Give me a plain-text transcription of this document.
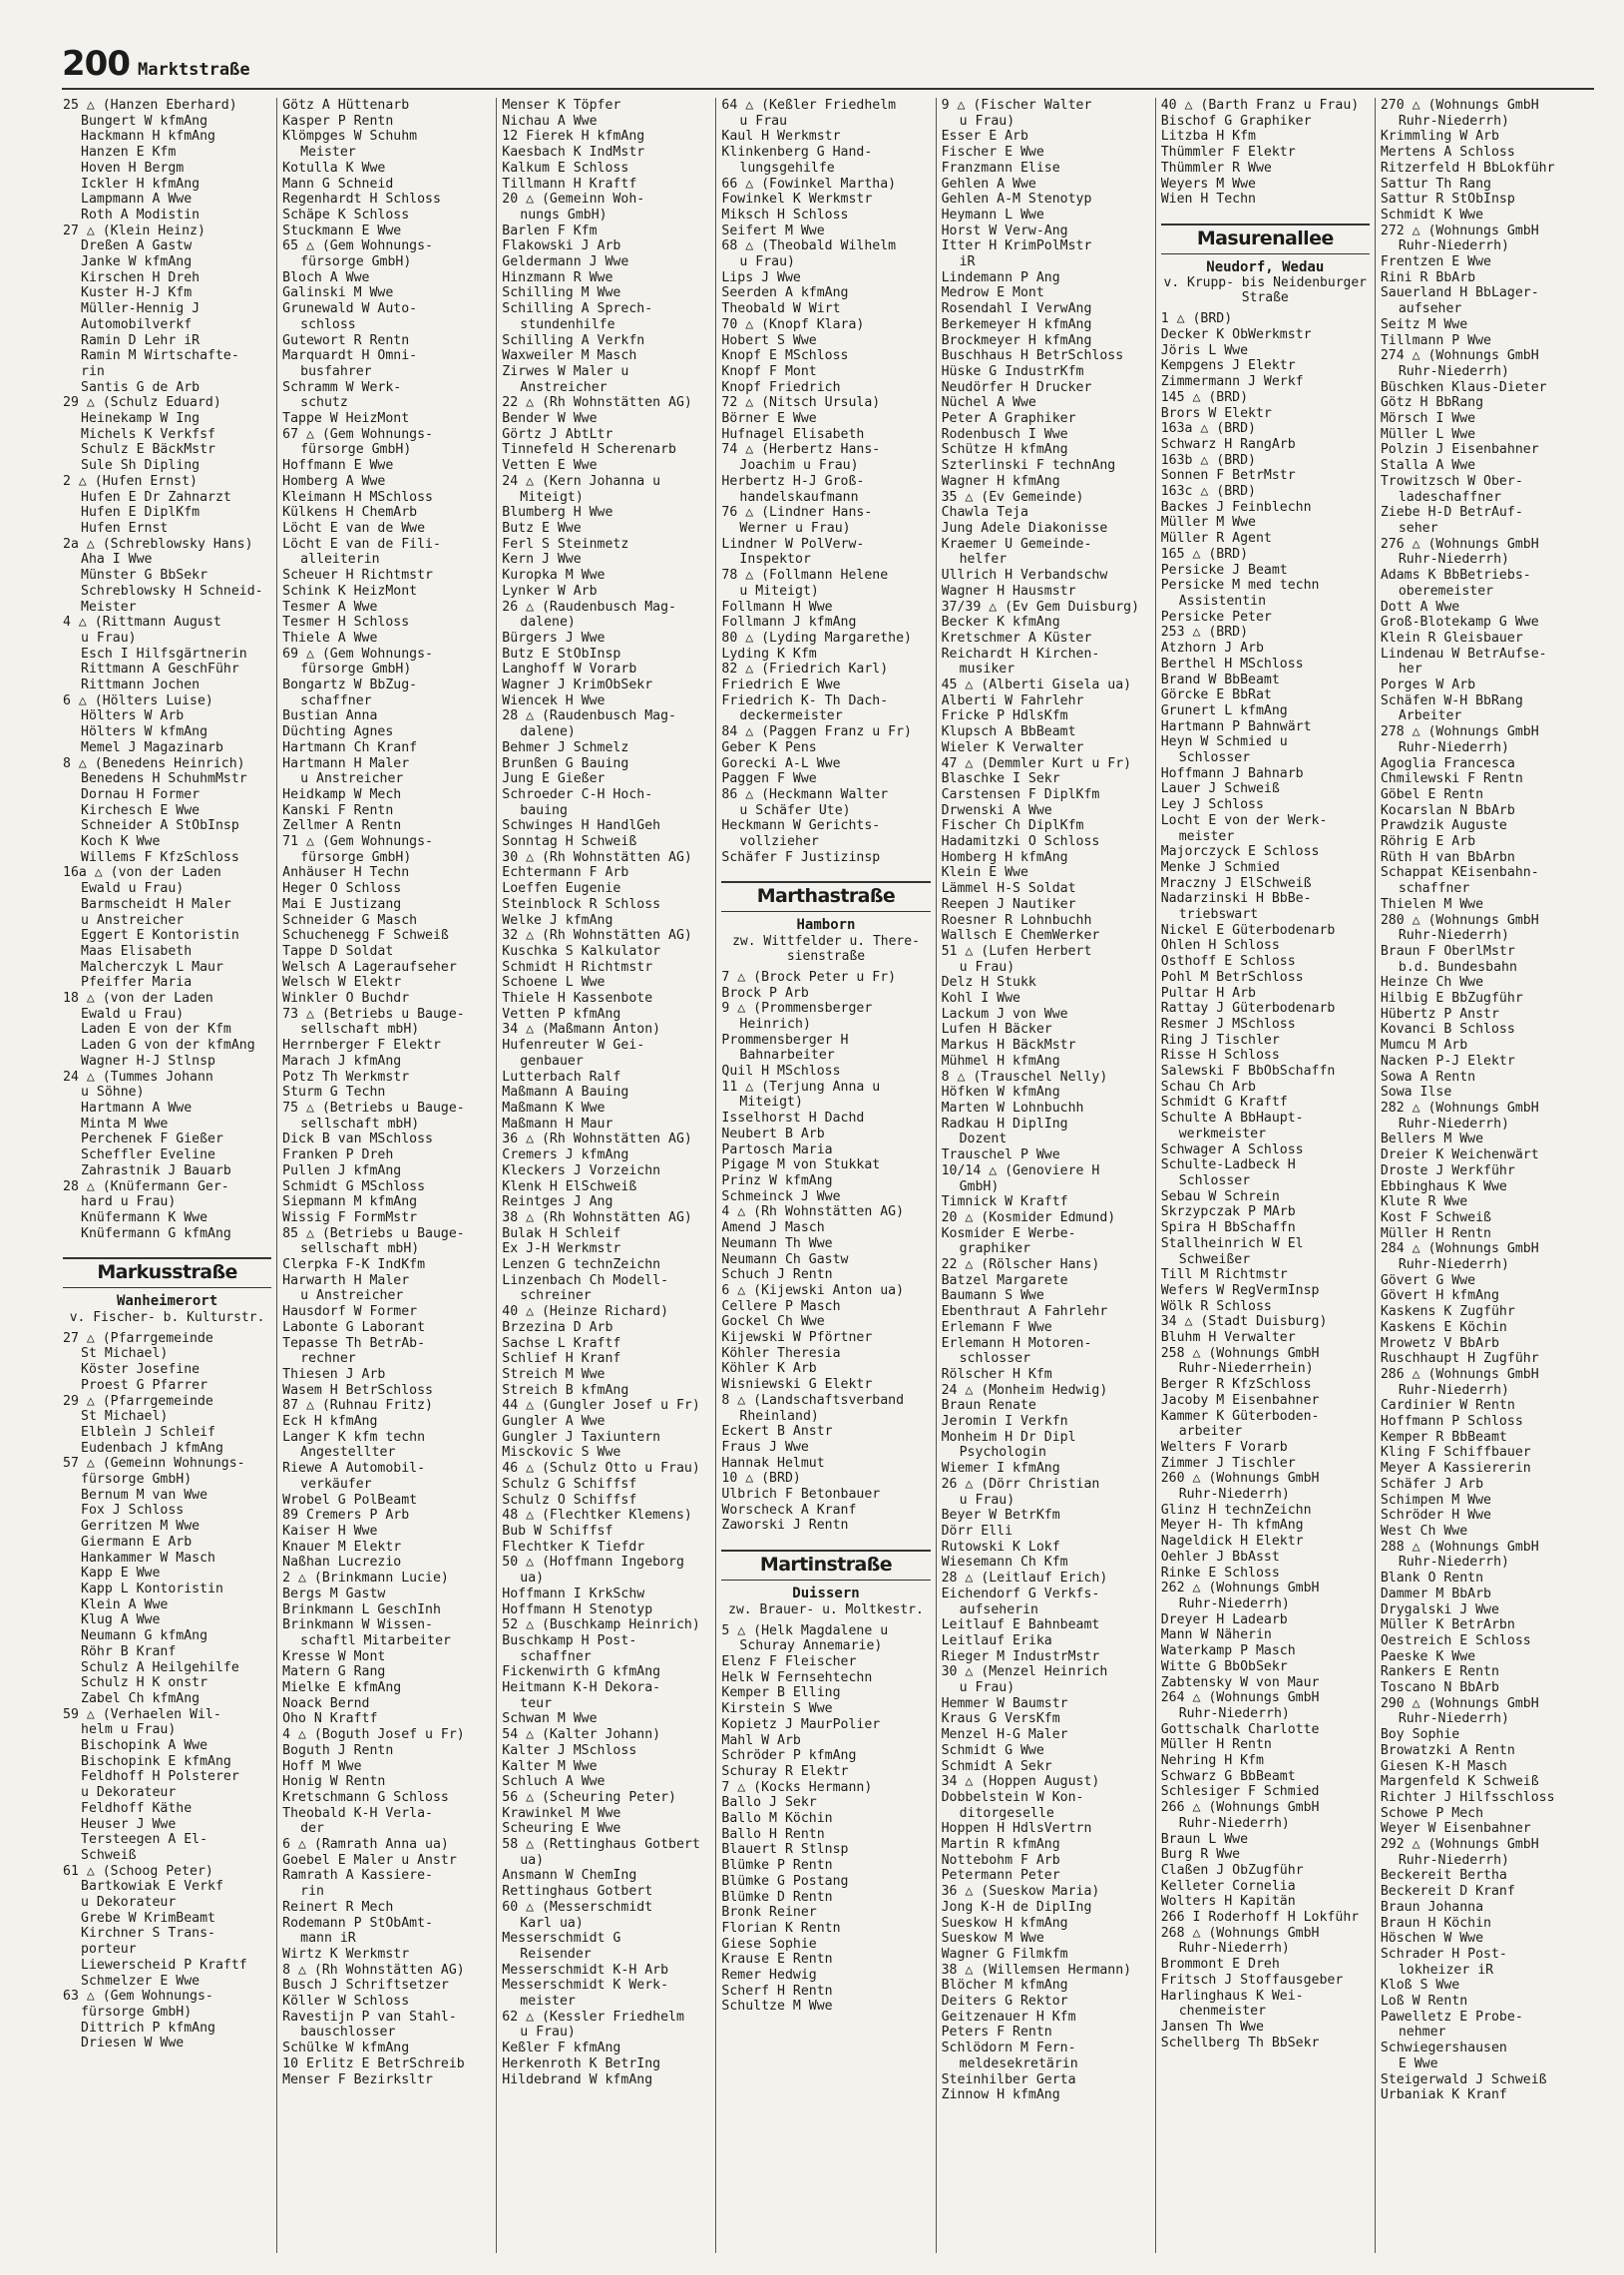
200 Marktstraße
25 △ (Hanzen Eberhard)
Bungert W kfmAng
Hackmann H kfmAng
Hanzen E Kfm
Hoven H Bergm
Ickler H kfmAng
Lampmann A Wwe
Roth A Modistin
27 △ (Klein Heinz)
Dreßen A Gastw
Janke W kfmAng
Kirschen H Dreh
Kuster H-J Kfm
Müller-Hennig J
Automobilverkf
Ramin D Lehr iR
Ramin M Wirtschafte-
rin
Santis G de Arb
29 △ (Schulz Eduard)
Heinekamp W Ing
Michels K Verkfsf
Schulz E BäckMstr
Sule Sh Dipling
2 △ (Hufen Ernst)
Hufen E Dr Zahnarzt
Hufen E DiplKfm
Hufen Ernst
2a △ (Schreblowsky Hans)
Aha I Wwe
Münster G BbSekr
Schreblowsky H Schneid-
Meister
4 △ (Rittmann August
u Frau)
Esch I Hilfsgärtnerin
Rittmann A GeschFühr
Rittmann Jochen
6 △ (Hölters Luise)
Hölters W Arb
Hölters W kfmAng
Memel J Magazinarb
8 △ (Benedens Heinrich)
Benedens H SchuhmMstr
Dornau H Former
Kirchesch E Wwe
Schneider A StObInsp
Koch K Wwe
Willems F KfzSchloss
16a △ (von der Laden
Ewald u Frau)
Barmscheidt H Maler
u Anstreicher
Eggert E Kontoristin
Maas Elisabeth
Malcherczyk L Maur
Pfeiffer Maria
18 △ (von der Laden
Ewald u Frau)
Laden E von der Kfm
Laden G von der kfmAng
Wagner H-J Stlnsp
24 △ (Tummes Johann
u Söhne)
Hartmann A Wwe
Minta M Wwe
Perchenek F Gießer
Scheffler Eveline
Zahrastnik J Bauarb
28 △ (Knüfermann Ger-
hard u Frau)
Knüfermann K Wwe
Knüfermann G kfmAng
Markusstraße
Wanheimerort
v. Fischer- b. Kulturstr.
27 △ (Pfarrgemeinde
St Michael)
Köster Josefine
Proest G Pfarrer
29 △ (Pfarrgemeinde
St Michael)
Elbleìn J Schleif
Eudenbach J kfmAng
57 △ (Gemeinn Wohnungs-
fürsorge GmbH)
Bernum M van Wwe
Fox J Schloss
Gerritzen M Wwe
Giermann E Arb
Hankammer W Masch
Kapp E Wwe
Kapp L Kontoristin
Klein A Wwe
Klug A Wwe
Neumann G kfmAng
Röhr B Kranf
Schulz A Heilgehilfe
Schulz H K onstr
Zabel Ch kfmAng
59 △ (Verhaelen Wil-
helm u Frau)
Bischopink A Wwe
Bischopink E kfmAng
Feldhoff H Polsterer
u Dekorateur
Feldhoff Käthe
Heuser J Wwe
Tersteegen A El-
Schweiß
61 △ (Schoog Peter)
Bartkowiak E Verkf
u Dekorateur
Grebe W KrimBeamt
Kirchner S Trans-
porteur
Liewerscheid P Kraftf
Schmelzer E Wwe
63 △ (Gem Wohnungs-
fürsorge GmbH)
Dittrich P kfmAng
Driesen W Wwe
Götz A Hüttenarb
Kasper P Rentn
Klömpges W Schuhm
Meister
Kotulla K Wwe
Mann G Schneid
Regenhardt H Schloss
Schäpe K Schloss
Stuckmann E Wwe
65 △ (Gem Wohnungs-
fürsorge GmbH)
Bloch A Wwe
Galinski M Wwe
Grunewald W Auto-
schloss
Gutewort R Rentn
Marquardt H Omni-
busfahrer
Schramm W Werk-
schutz
Tappe W HeizMont
67 △ (Gem Wohnungs-
fürsorge GmbH)
Hoffmann E Wwe
Homberg A Wwe
Kleimann H MSchloss
Külkens H ChemArb
Löcht E van de Wwe
Löcht E van de Fili-
alleiterin
Scheuer H Richtmstr
Schink K HeizMont
Tesmer A Wwe
Tesmer H Schloss
Thiele A Wwe
69 △ (Gem Wohnungs-
fürsorge GmbH)
Bongartz W BbZug-
schaffner
Bustian Anna
Düchting Agnes
Hartmann Ch Kranf
Hartmann H Maler
u Anstreicher
Heidkamp W Mech
Kanski F Rentn
Zellmer A Rentn
71 △ (Gem Wohnungs-
fürsorge GmbH)
Anhäuser H Techn
Heger O Schloss
Mai E Justizang
Schneider G Masch
Schuchenegg F Schweiß
Tappe D Soldat
Welsch A Lageraufseher
Welsch W Elektr
Winkler O Buchdr
73 △ (Betriebs u Bauge-
sellschaft mbH)
Herrnberger F Elektr
Marach J kfmAng
Potz Th Werkmstr
Sturm G Techn
75 △ (Betriebs u Bauge-
sellschaft mbH)
Dick B van MSchloss
Franken P Dreh
Pullen J kfmAng
Schmidt G MSchloss
Siepmann M kfmAng
Wissig F FormMstr
85 △ (Betriebs u Bauge-
sellschaft mbH)
Clerpka F-K IndKfm
Harwarth H Maler
u Anstreicher
Hausdorf W Former
Labonte G Laborant
Tepasse Th BetrAb-
rechner
Thiesen J Arb
Wasem H BetrSchloss
87 △ (Ruhnau Fritz)
Eck H kfmAng
Langer K kfm techn
Angestellter
Riewe A Automobil-
verkäufer
Wrobel G PolBeamt
89 Cremers P Arb
Kaiser H Wwe
Knauer M Elektr
Naßhan Lucrezio
2 △ (Brinkmann Lucie)
Bergs M Gastw
Brinkmann L GeschInh
Brinkmann W Wissen-
schaftl Mitarbeiter
Kresse W Mont
Matern G Rang
Mielke E kfmAng
Noack Bernd
Oho N Kraftf
4 △ (Boguth Josef u Fr)
Boguth J Rentn
Hoff M Wwe
Honig W Rentn
Kretschmann G Schloss
Theobald K-H Verla-
der
6 △ (Ramrath Anna ua)
Goebel E Maler u Anstr
Ramrath A Kassiere-
rin
Reinert R Mech
Rodemann P StObAmt-
mann iR
Wirtz K Werkmstr
8 △ (Rh Wohnstätten AG)
Busch J Schriftsetzer
Köller W Schloss
Ravestijn P van Stahl-
bauschlosser
Schülke W kfmAng
10 Erlitz E BetrSchreib
Menser F Bezirksltr
Menser K Töpfer
Nichau A Wwe
12 Fierek H kfmAng
Kaesbach K IndMstr
Kalkum E Schloss
Tillmann H Kraftf
20 △ (Gemeinn Woh-
nungs GmbH)
Barlen F Kfm
Flakowski J Arb
Geldermann J Wwe
Hinzmann R Wwe
Schilling M Wwe
Schilling A Sprech-
stundenhilfe
Schilling A Verkfn
Waxweiler M Masch
Zirwes W Maler u
Anstreicher
22 △ (Rh Wohnstätten AG)
Bender W Wwe
Görtz J AbtLtr
Tinnefeld H Scherenarb
Vetten E Wwe
24 △ (Kern Johanna u
Miteigt)
Blumberg H Wwe
Butz E Wwe
Ferl S Steinmetz
Kern J Wwe
Kuropka M Wwe
Lynker W Arb
26 △ (Raudenbusch Mag-
dalene)
Bürgers J Wwe
Butz E StObInsp
Langhoff W Vorarb
Wagner J KrimObSekr
Wiencek H Wwe
28 △ (Raudenbusch Mag-
dalene)
Behmer J Schmelz
Brunßen G Bauing
Jung E Gießer
Schroeder C-H Hoch-
bauing
Schwinges H HandlGeh
Sonntag H Schweiß
30 △ (Rh Wohnstätten AG)
Echtermann F Arb
Loeffen Eugenie
Steinblock R Schloss
Welke J kfmAng
32 △ (Rh Wohnstätten AG)
Kuschka S Kalkulator
Schmidt H Richtmstr
Schoene L Wwe
Thiele H Kassenbote
Vetten P kfmAng
34 △ (Maßmann Anton)
Hufenreuter W Gei-
genbauer
Lutterbach Ralf
Maßmann A Bauing
Maßmann K Wwe
Maßmann H Maur
36 △ (Rh Wohnstätten AG)
Cremers J kfmAng
Kleckers J Vorzeichn
Klenk H ElSchweiß
Reintges J Ang
38 △ (Rh Wohnstätten AG)
Bulak H Schleif
Ex J-H Werkmstr
Lenzen G technZeichn
Linzenbach Ch Modell-
schreiner
40 △ (Heinze Richard)
Brzezina D Arb
Sachse L Kraftf
Schlief H Kranf
Streich M Wwe
Streich B kfmAng
44 △ (Gungler Josef u Fr)
Gungler A Wwe
Gungler J Taxiuntern
Misckovic S Wwe
46 △ (Schulz Otto u Frau)
Schulz G Schiffsf
Schulz O Schiffsf
48 △ (Flechtker Klemens)
Bub W Schiffsf
Flechtker K Tiefdr
50 △ (Hoffmann Ingeborg
ua)
Hoffmann I KrkSchw
Hoffmann H Stenotyp
52 △ (Buschkamp Heinrich)
Buschkamp H Post-
schaffner
Fickenwirth G kfmAng
Heitmann K-H Dekora-
teur
Schwan M Wwe
54 △ (Kalter Johann)
Kalter J MSchloss
Kalter M Wwe
Schluch A Wwe
56 △ (Scheuring Peter)
Krawinkel M Wwe
Scheuring E Wwe
58 △ (Rettinghaus Gotbert
ua)
Ansmann W ChemIng
Rettinghaus Gotbert
60 △ (Messerschmidt
Karl ua)
Messerschmidt G
Reisender
Messerschmidt K-H Arb
Messerschmidt K Werk-
meister
62 △ (Kessler Friedhelm
u Frau)
Keßler F kfmAng
Herkenroth K BetrIng
Hildebrand W kfmAng
64 △ (Keßler Friedhelm
u Frau
Kaul H Werkmstr
Klinkenberg G Hand-
lungsgehilfe
66 △ (Fowinkel Martha)
Fowinkel K Werkmstr
Miksch H Schloss
Seifert M Wwe
68 △ (Theobald Wilhelm
u Frau)
Lips J Wwe
Seerden A kfmAng
Theobald W Wirt
70 △ (Knopf Klara)
Hobert S Wwe
Knopf E MSchloss
Knopf F Mont
Knopf Friedrich
72 △ (Nitsch Ursula)
Börner E Wwe
Hufnagel Elisabeth
74 △ (Herbertz Hans-
Joachim u Frau)
Herbertz H-J Groß-
handelskaufmann
76 △ (Lindner Hans-
Werner u Frau)
Lindner W PolVerw-
Inspektor
78 △ (Follmann Helene
u Miteigt)
Follmann H Wwe
Follmann J kfmAng
80 △ (Lyding Margarethe)
Lyding K Kfm
82 △ (Friedrich Karl)
Friedrich E Wwe
Friedrich K- Th Dach-
deckermeister
84 △ (Paggen Franz u Fr)
Geber K Pens
Gorecki A-L Wwe
Paggen F Wwe
86 △ (Heckmann Walter
u Schäfer Ute)
Heckmann W Gerichts-
vollzieher
Schäfer F Justizinsp
Marthastraße
Hamborn
zw. Wittfelder u. There-
sienstraße
7 △ (Brock Peter u Fr)
Brock P Arb
9 △ (Prommensberger
Heinrich)
Prommensberger H
Bahnarbeiter
Quil H MSchloss
11 △ (Terjung Anna u
Miteigt)
Isselhorst H Dachd
Neubert B Arb
Partosch Maria
Pigage M von Stukkat
Prinz W kfmAng
Schmeinck J Wwe
4 △ (Rh Wohnstätten AG)
Amend J Masch
Neumann Th Wwe
Neumann Ch Gastw
Schuch J Rentn
6 △ (Kijewski Anton ua)
Cellere P Masch
Gockel Ch Wwe
Kijewski W Pförtner
Köhler Theresia
Köhler K Arb
Wisniewski G Elektr
8 △ (Landschaftsverband
Rheinland)
Eckert B Anstr
Fraus J Wwe
Hannak Helmut
10 △ (BRD)
Ulbrich F Betonbauer
Worscheck A Kranf
Zaworski J Rentn
Martinstraße
Duissern
zw. Brauer- u. Moltkestr.
5 △ (Helk Magdalene u
Schuray Annemarie)
Elenz F Fleischer
Helk W Fernsehtechn
Kemper B Elling
Kirstein S Wwe
Kopietz J MaurPolier
Mahl W Arb
Schröder P kfmAng
Schuray R Elektr
7 △ (Kocks Hermann)
Ballo J Sekr
Ballo M Köchin
Ballo H Rentn
Blauert R Stlnsp
Blümke P Rentn
Blümke G Postang
Blümke D Rentn
Bronk Reiner
Florian K Rentn
Giese Sophie
Krause E Rentn
Remer Hedwig
Scherf H Rentn
Schultze M Wwe
9 △ (Fischer Walter
u Frau)
Esser E Arb
Fischer E Wwe
Franzmann Elise
Gehlen A Wwe
Gehlen A-M Stenotyp
Heymann L Wwe
Horst W Verw-Ang
Itter H KrimPolMstr
iR
Lindemann P Ang
Medrow E Mont
Rosendahl I VerwAng
Berkemeyer H kfmAng
Brockmeyer H kfmAng
Buschhaus H BetrSchloss
Hüske G IndustrKfm
Neudörfer H Drucker
Nüchel A Wwe
Peter A Graphiker
Rodenbusch I Wwe
Schütze H kfmAng
Szterlinski F technAng
Wagner H kfmAng
35 △ (Ev Gemeinde)
Chawla Teja
Jung Adele Diakonisse
Kraemer U Gemeinde-
helfer
Ullrich H Verbandschw
Wagner H Hausmstr
37/39 △ (Ev Gem Duisburg)
Becker K kfmAng
Kretschmer A Küster
Reichardt H Kirchen-
musiker
45 △ (Alberti Gisela ua)
Alberti W Fahrlehr
Fricke P HdlsKfm
Klupsch A BbBeamt
Wieler K Verwalter
47 △ (Demmler Kurt u Fr)
Blaschke I Sekr
Carstensen F DiplKfm
Drwenski A Wwe
Fischer Ch DiplKfm
Hadamitzki O Schloss
Homberg H kfmAng
Klein E Wwe
Lämmel H-S Soldat
Reepen J Nautiker
Roesner R Lohnbuchh
Wallsch E ChemWerker
51 △ (Lufen Herbert
u Frau)
Delz H Stukk
Kohl I Wwe
Lackum J von Wwe
Lufen H Bäcker
Markus H BäckMstr
Mühmel H kfmAng
8 △ (Trauschel Nelly)
Höfken W kfmAng
Marten W Lohnbuchh
Radkau H DiplIng
Dozent
Trauschel P Wwe
10/14 △ (Genoviere H
GmbH)
Timnick W Kraftf
20 △ (Kosmider Edmund)
Kosmider E Werbe-
graphiker
22 △ (Rölscher Hans)
Batzel Margarete
Baumann S Wwe
Ebenthraut A Fahrlehr
Erlemann F Wwe
Erlemann H Motoren-
schlosser
Rölscher H Kfm
24 △ (Monheim Hedwig)
Braun Renate
Jeromin I Verkfn
Monheim H Dr Dipl
Psychologin
Wiemer I kfmAng
26 △ (Dörr Christian
u Frau)
Beyer W BetrKfm
Dörr Elli
Rutowski K Lokf
Wiesemann Ch Kfm
28 △ (Leitlauf Erich)
Eichendorf G Verkfs-
aufseherin
Leitlauf E Bahnbeamt
Leitlauf Erika
Rieger M IndustrMstr
30 △ (Menzel Heinrich
u Frau)
Hemmer W Baumstr
Kraus G VersKfm
Menzel H-G Maler
Schmidt G Wwe
Schmidt A Sekr
34 △ (Hoppen August)
Dobbelstein W Kon-
ditorgeselle
Hoppen H HdlsVertrn
Martin R kfmAng
Nottebohm F Arb
Petermann Peter
36 △ (Sueskow Maria)
Jong K-H de DiplIng
Sueskow H kfmAng
Sueskow M Wwe
Wagner G Filmkfm
38 △ (Willemsen Hermann)
Blöcher M kfmAng
Deiters G Rektor
Geitzenauer H Kfm
Peters F Rentn
Schlödorn M Fern-
meldesekretärin
Steinhilber Gerta
Zinnow H kfmAng
40 △ (Barth Franz u Frau)
Bischof G Graphiker
Litzba H Kfm
Thümmler F Elektr
Thümmler R Wwe
Weyers M Wwe
Wien H Techn
Masurenallee
Neudorf, Wedau
v. Krupp- bis Neidenburger
Straße
1 △ (BRD)
Decker K ObWerkmstr
Jöris L Wwe
Kempgens J Elektr
Zimmermann J Werkf
145 △ (BRD)
Brors W Elektr
163a △ (BRD)
Schwarz H RangArb
163b △ (BRD)
Sonnen F BetrMstr
163c △ (BRD)
Backes J Feinblechn
Müller M Wwe
Müller R Agent
165 △ (BRD)
Persicke J Beamt
Persicke M med techn
Assistentin
Persicke Peter
253 △ (BRD)
Atzhorn J Arb
Berthel H MSchloss
Brand W BbBeamt
Görcke E BbRat
Grunert L kfmAng
Hartmann P Bahnwärt
Heyn W Schmied u
Schlosser
Hoffmann J Bahnarb
Lauer J Schweiß
Ley J Schloss
Locht E von der Werk-
meister
Majorczyck E Schloss
Menke J Schmied
Mraczny J ElSchweiß
Nadarzinski H BbBe-
triebswart
Nickel E Güterbodenarb
Ohlen H Schloss
Osthoff E Schloss
Pohl M BetrSchloss
Pultar H Arb
Rattay J Güterbodenarb
Resmer J MSchloss
Ring J Tischler
Risse H Schloss
Salewski F BbObSchaffn
Schau Ch Arb
Schmidt G Kraftf
Schulte A BbHaupt-
werkmeister
Schwager A Schloss
Schulte-Ladbeck H
Schlosser
Sebau W Schrein
Skrzypczak P MArb
Spira H BbSchaffn
Stallheinrich W El
Schweißer
Till M Richtmstr
Wefers W RegVermInsp
Wölk R Schloss
34 △ (Stadt Duisburg)
Bluhm H Verwalter
258 △ (Wohnungs GmbH
Ruhr-Niederrhein)
Berger R KfzSchloss
Jacoby M Eisenbahner
Kammer K Güterboden-
arbeiter
Welters F Vorarb
Zimmer J Tischler
260 △ (Wohnungs GmbH
Ruhr-Niederrh)
Glinz H technZeichn
Meyer H- Th kfmAng
Nageldick H Elektr
Oehler J BbAsst
Rinke E Schloss
262 △ (Wohnungs GmbH
Ruhr-Niederrh)
Dreyer H Ladearb
Mann W Näherin
Waterkamp P Masch
Witte G BbObSekr
Zabtensky W von Maur
264 △ (Wohnungs GmbH
Ruhr-Niederrh)
Gottschalk Charlotte
Müller H Rentn
Nehring H Kfm
Schwarz G BbBeamt
Schlesiger F Schmied
266 △ (Wohnungs GmbH
Ruhr-Niederrh)
Braun L Wwe
Burg R Wwe
Claßen J ObZugführ
Kelleter Cornelia
Wolters H Kapitän
266 I Roderhoff H Lokführ
268 △ (Wohnungs GmbH
Ruhr-Niederrh)
Brommont E Dreh
Fritsch J Stoffausgeber
Harlinghaus K Wei-
chenmeister
Jansen Th Wwe
Schellberg Th BbSekr
270 △ (Wohnungs GmbH
Ruhr-Niederrh)
Krimmling W Arb
Mertens A Schloss
Ritzerfeld H BbLokführ
Sattur Th Rang
Sattur R StObInsp
Schmidt K Wwe
272 △ (Wohnungs GmbH
Ruhr-Niederrh)
Frentzen E Wwe
Rini R BbArb
Sauerland H BbLager-
aufseher
Seitz M Wwe
Tillmann P Wwe
274 △ (Wohnungs GmbH
Ruhr-Niederrh)
Büschken Klaus-Dieter
Götz H BbRang
Mörsch I Wwe
Müller L Wwe
Polzin J Eisenbahner
Stalla A Wwe
Trowitzsch W Ober-
ladeschaffner
Ziebe H-D BetrAuf-
seher
276 △ (Wohnungs GmbH
Ruhr-Niederrh)
Adams K BbBetriebs-
oberemeister
Dott A Wwe
Groß-Blotekamp G Wwe
Klein R Gleisbauer
Lindenau W BetrAufse-
her
Porges W Arb
Schäfen W-H BbRang
Arbeiter
278 △ (Wohnungs GmbH
Ruhr-Niederrh)
Agoglia Francesca
Chmilewski F Rentn
Göbel E Rentn
Kocarslan N BbArb
Prawdzik Auguste
Röhrig E Arb
Rüth H van BbArbn
Schappat KEisenbahn-
schaffner
Thielen M Wwe
280 △ (Wohnungs GmbH
Ruhr-Niederrh)
Braun F OberlMstr
b.d. Bundesbahn
Heinze Ch Wwe
Hilbig E BbZugführ
Hübertz P Anstr
Kovanci B Schloss
Mumcu M Arb
Nacken P-J Elektr
Sowa A Rentn
Sowa Ilse
282 △ (Wohnungs GmbH
Ruhr-Niederrh)
Bellers M Wwe
Dreier K Weichenwärt
Droste J Werkführ
Ebbinghaus K Wwe
Klute R Wwe
Kost F Schweiß
Müller H Rentn
284 △ (Wohnungs GmbH
Ruhr-Niederrh)
Gövert G Wwe
Gövert H kfmAng
Kaskens K Zugführ
Kaskens E Köchin
Mrowetz V BbArb
Ruschhaupt H Zugführ
286 △ (Wohnungs GmbH
Ruhr-Niederrh)
Cardinier W Rentn
Hoffmann P Schloss
Kemper R BbBeamt
Kling F Schiffbauer
Meyer A Kassiererin
Schäfer J Arb
Schimpen M Wwe
Schröder H Wwe
West Ch Wwe
288 △ (Wohnungs GmbH
Ruhr-Niederrh)
Blank O Rentn
Dammer M BbArb
Drygalski J Wwe
Müller K BetrArbn
Oestreich E Schloss
Paeske K Wwe
Rankers E Rentn
Toscano N BbArb
290 △ (Wohnungs GmbH
Ruhr-Niederrh)
Boy Sophie
Browatzki A Rentn
Giesen K-H Masch
Margenfeld K Schweiß
Richter J Hilfsschloss
Schowe P Mech
Weyer W Eisenbahner
292 △ (Wohnungs GmbH
Ruhr-Niederrh)
Beckereit Bertha
Beckereit D Kranf
Braun Johanna
Braun H Köchin
Höschen W Wwe
Schrader H Post-
lokheizer iR
Kloß S Wwe
Loß W Rentn
Pawelletz E Probe-
nehmer
Schwiegershausen
E Wwe
Steigerwald J Schweiß
Urbaniak K Kranf
